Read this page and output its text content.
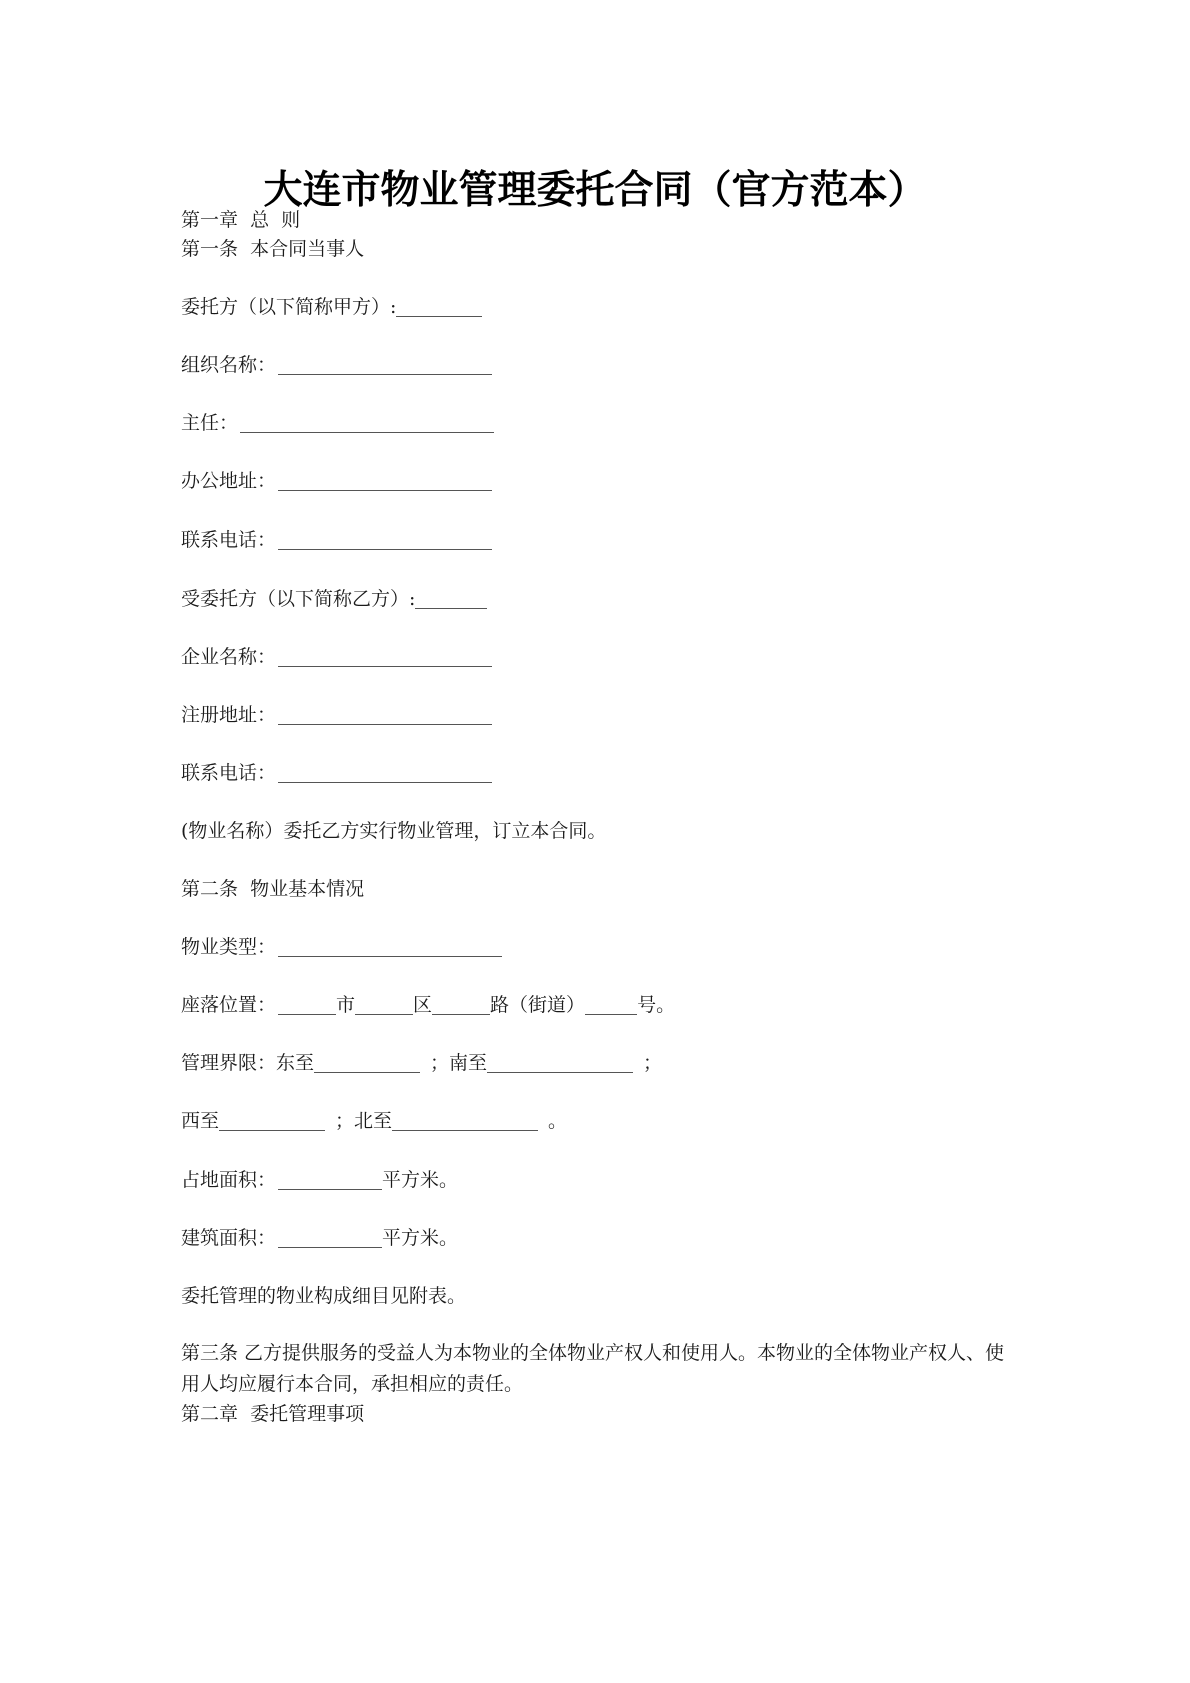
大连市物业管理委托合同（官方范本）
第一章  总  则
第一条  本合同当事人
委托方（以下简称甲方）:
组织名称：
主任：
办公地址：
联系电话：
受委托方（以下简称乙方）:
企业名称：
注册地址：
联系电话：
(物业名称）委托乙方实行物业管理，订立本合同。
第二条  物业基本情况
物业类型：
座落位置：	市	区	路（街道）	号。
管理界限：东至	；南至	；
西至	；北至	。
占地面积：	平方米。
建筑面积：	平方米。
委托管理的物业构成细目见附表。
第三条 乙方提供服务的受益人为本物业的全体物业产权人和使用人。本物业的全体物业产权人、使用人均应履行本合同，承担相应的责任。
第二章  委托管理事项
